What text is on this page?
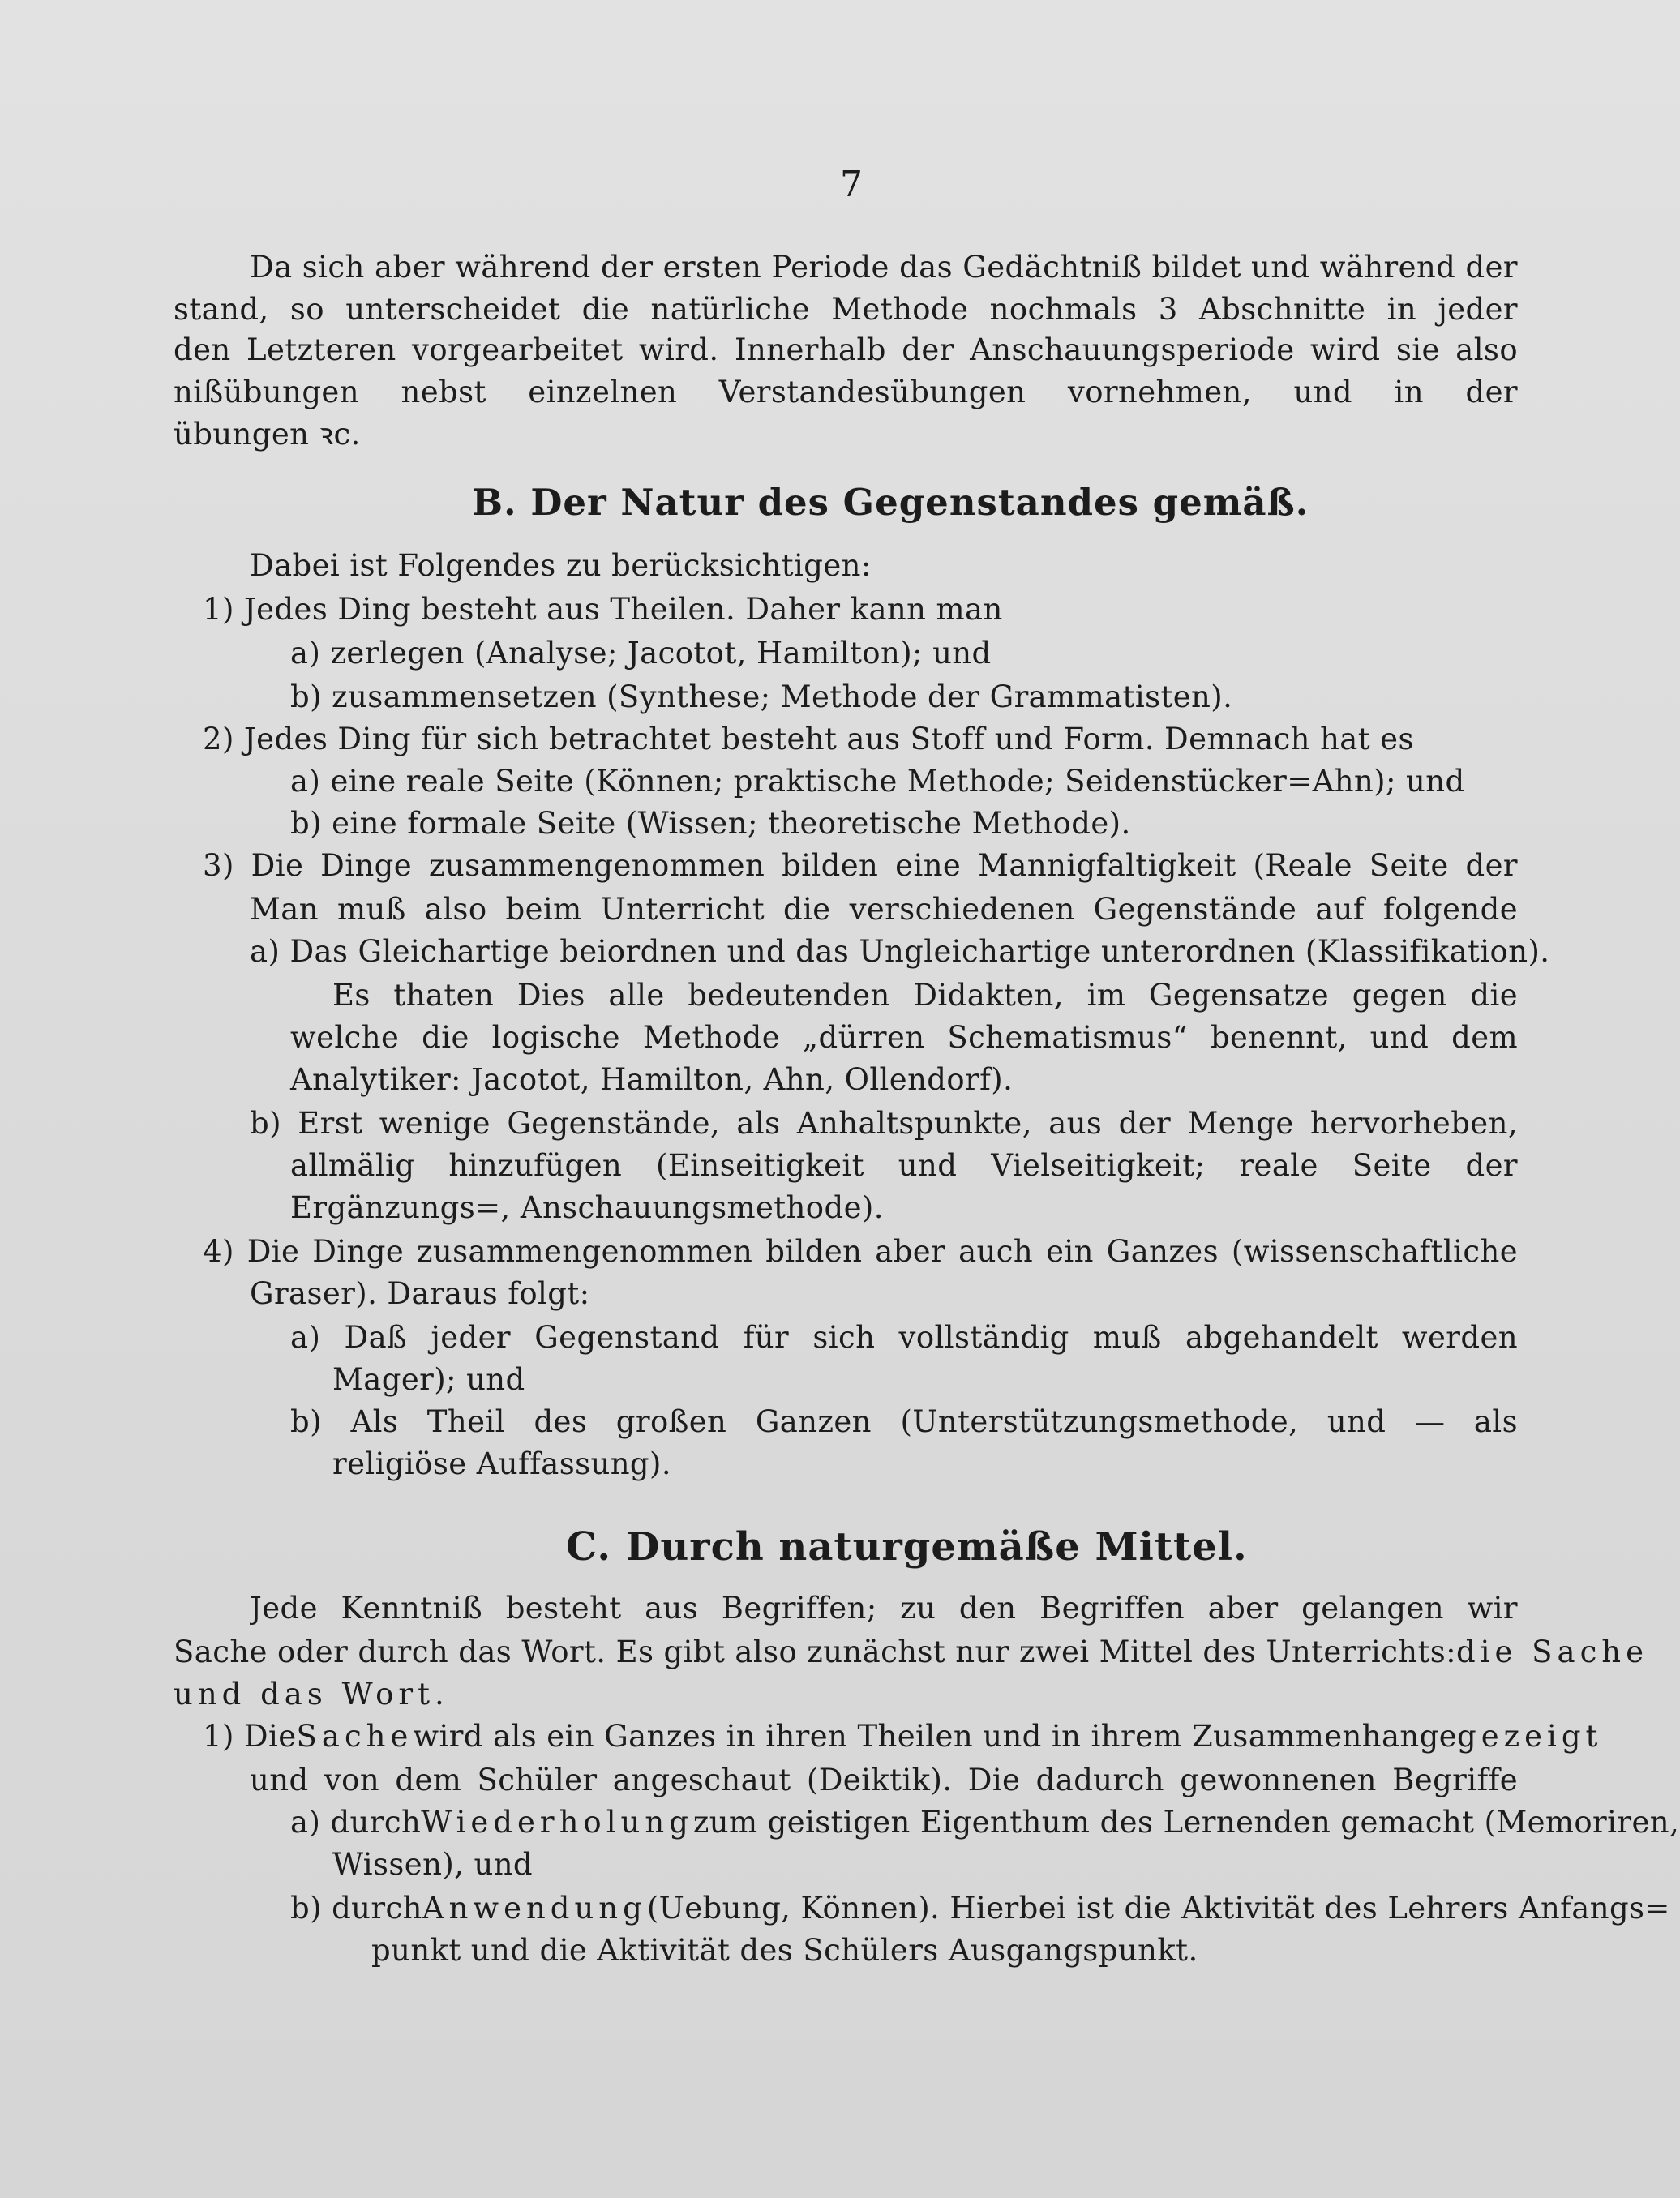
7
Da sich aber während der ersten Periode das Gedächtniß bildet und während der
stand, so unterscheidet die natürliche Methode nochmals 3 Abschnitte in jeder
den Letzteren vorgearbeitet wird. Innerhalb der Anschauungsperiode wird sie also
nißübungen nebst einzelnen Verstandesübungen vornehmen, und in der
übungen ꝛc.
B. Der Natur des Gegenstandes gemäß.
Dabei ist Folgendes zu berücksichtigen:
1) Jedes Ding besteht aus Theilen. Daher kann man
a) zerlegen (Analyse; Jacotot, Hamilton); und
b) zusammensetzen (Synthese; Methode der Grammatisten).
2) Jedes Ding für sich betrachtet besteht aus Stoff und Form. Demnach hat es
a) eine reale Seite (Können; praktische Methode; Seidenstücker=Ahn); und
b) eine formale Seite (Wissen; theoretische Methode).
3) Die Dinge zusammengenommen bilden eine Mannigfaltigkeit (Reale Seite der
Man muß also beim Unterricht die verschiedenen Gegenstände auf folgende
a) Das Gleichartige beiordnen und das Ungleichartige unterordnen (Klassifikation).
Es thaten Dies alle bedeutenden Didakten, im Gegensatze gegen die
welche die logische Methode „dürren Schematismus“ benennt, und dem
Analytiker: Jacotot, Hamilton, Ahn, Ollendorf).
b) Erst wenige Gegenstände, als Anhaltspunkte, aus der Menge hervorheben,
allmälig hinzufügen (Einseitigkeit und Vielseitigkeit; reale Seite der
Ergänzungs=, Anschauungsmethode).
4) Die Dinge zusammengenommen bilden aber auch ein Ganzes (wissenschaftliche
Graser). Daraus folgt:
a) Daß jeder Gegenstand für sich vollständig muß abgehandelt werden
Mager); und
b) Als Theil des großen Ganzen (Unterstützungsmethode, und — als
religiöse Auffassung).
C. Durch naturgemäße Mittel.
Jede Kenntniß besteht aus Begriffen; zu den Begriffen aber gelangen wir
Sache oder durch das Wort. Es gibt also zunächst nur zwei Mittel des Unterrichts: die Sache
und das Wort.
1) Die Sache wird als ein Ganzes in ihren Theilen und in ihrem Zusammenhange gezeigt
und von dem Schüler angeschaut (Deiktik). Die dadurch gewonnenen Begriffe
a) durch Wiederholung zum geistigen Eigenthum des Lernenden gemacht (Memoriren,
Wissen), und
b) durch Anwendung (Uebung, Können). Hierbei ist die Aktivität des Lehrers Anfangs=
punkt und die Aktivität des Schülers Ausgangspunkt.
